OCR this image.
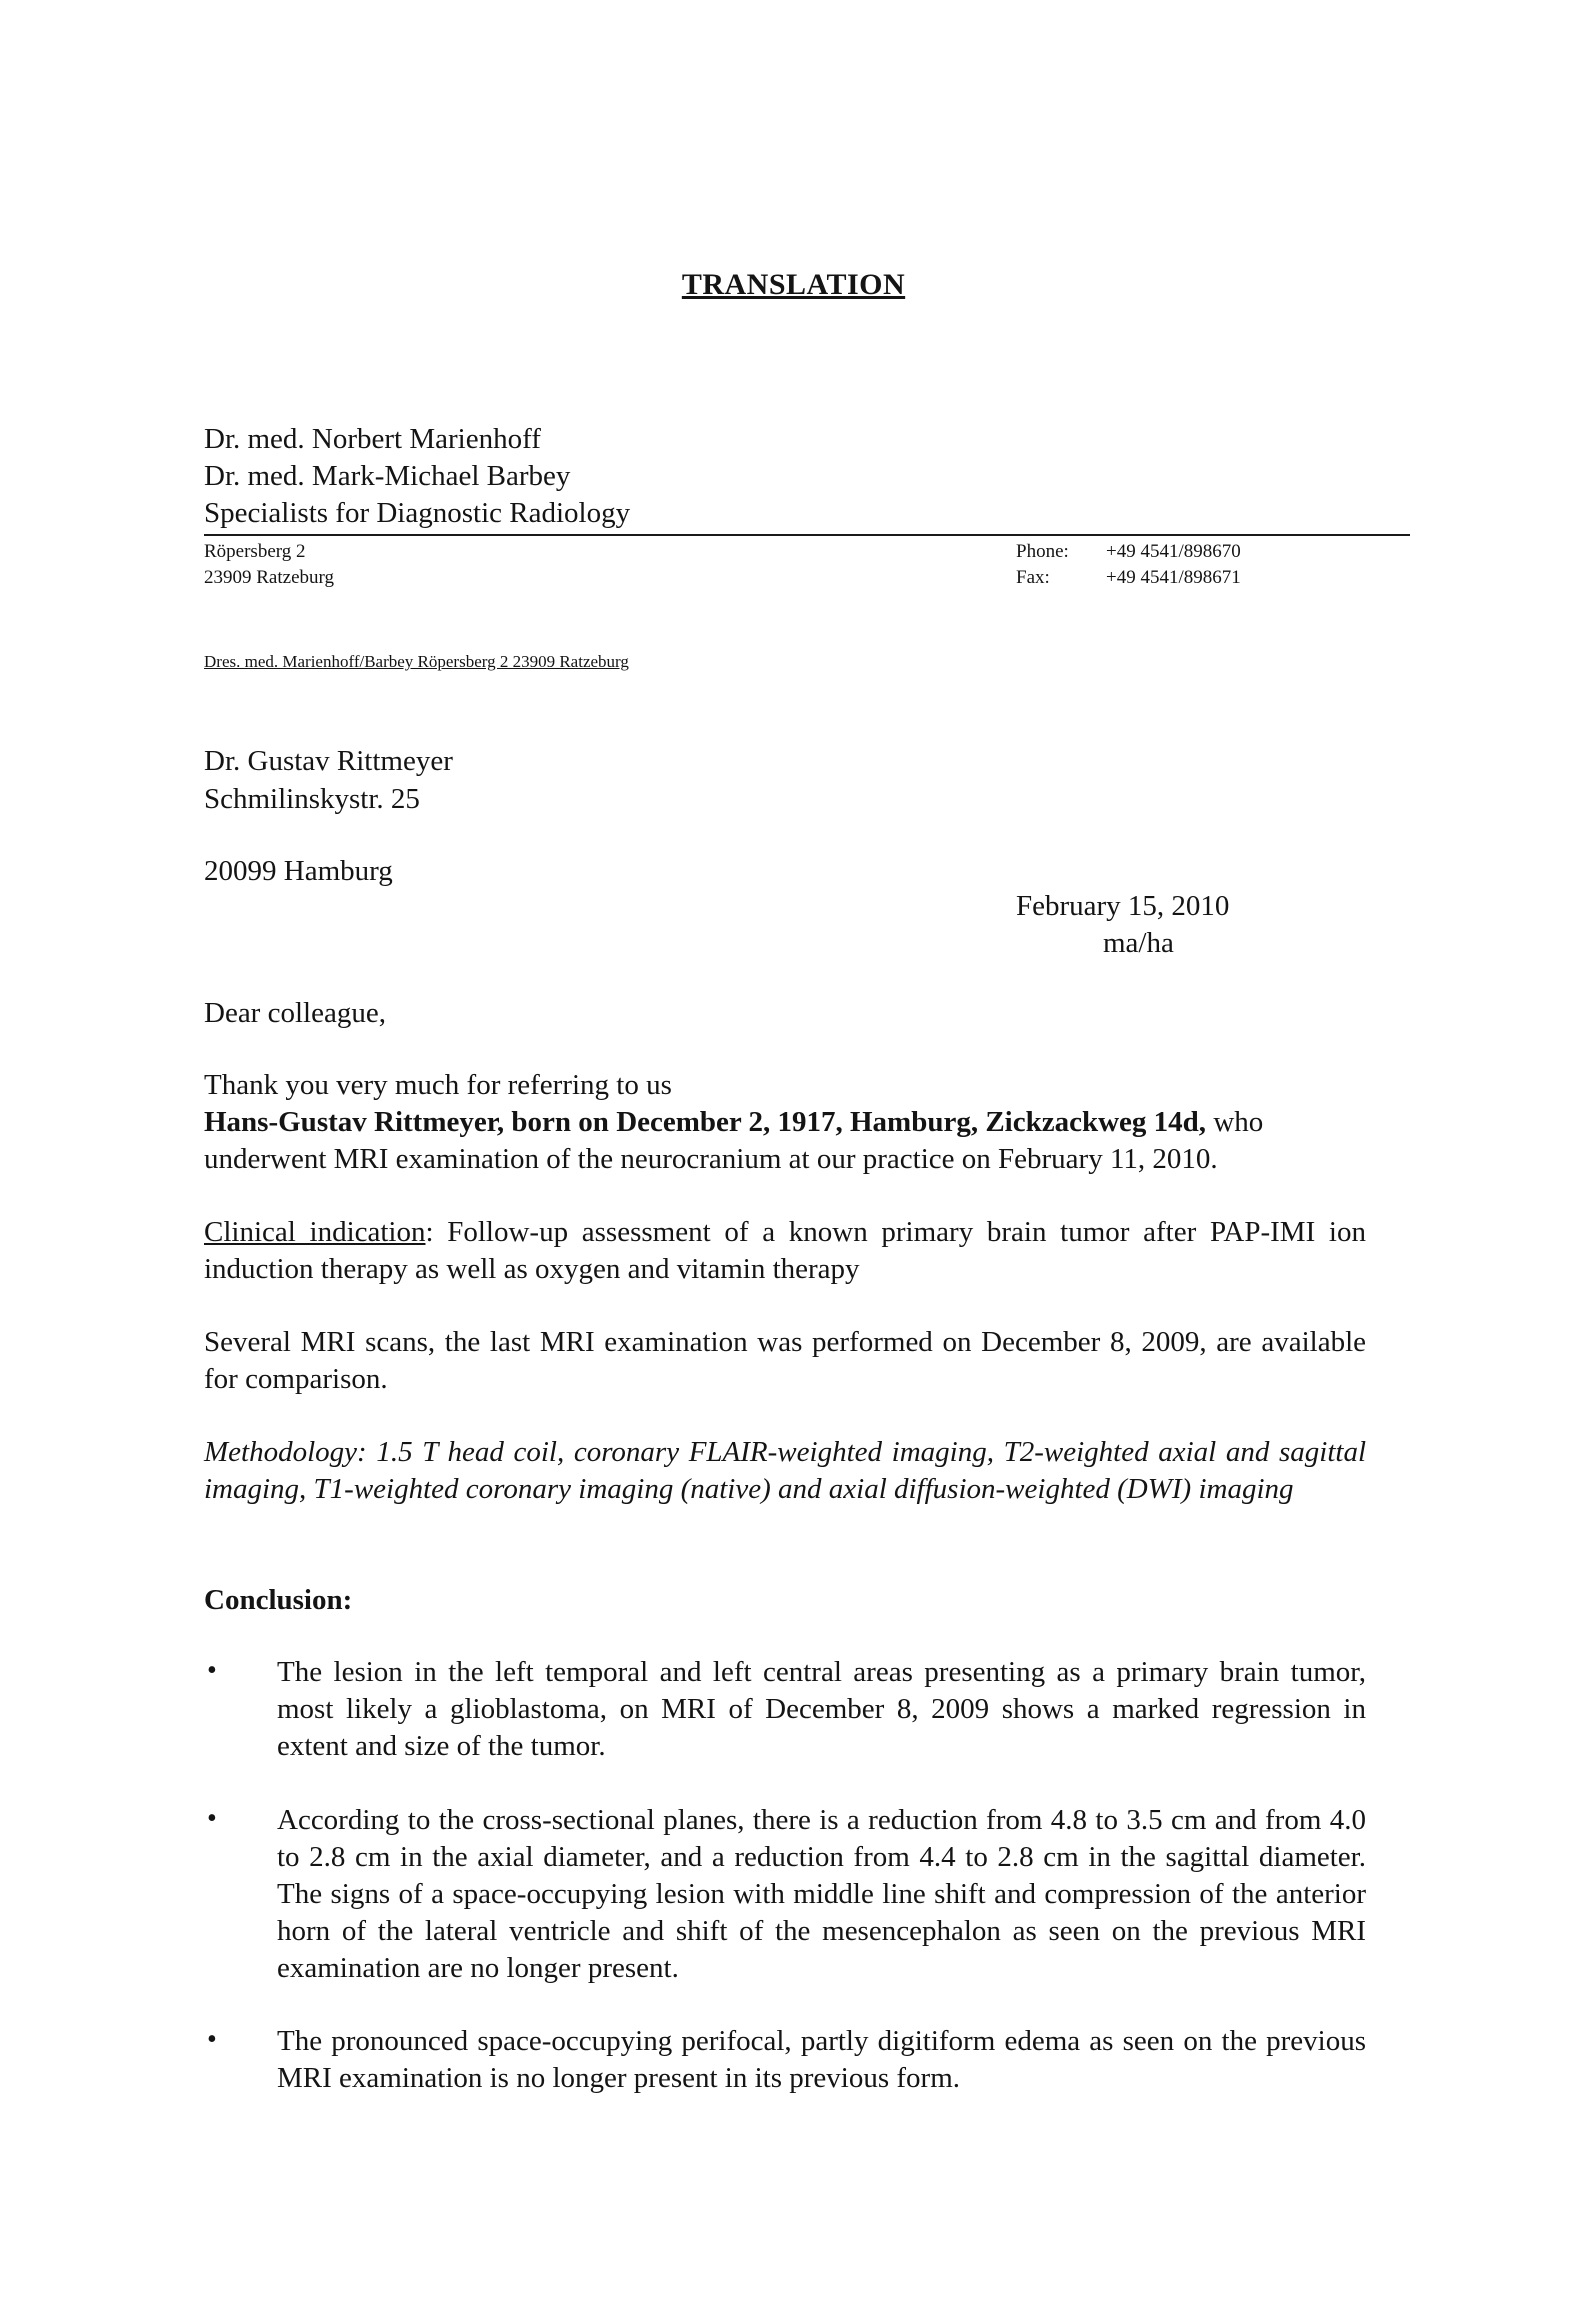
TRANSLATION
Dr. med. Norbert Marienhoff
Dr. med. Mark-Michael Barbey
Specialists for Diagnostic Radiology
Röpersberg 2
23909 Ratzeburg
Phone: +49 4541/898670
Fax:	+49 4541/898671
Dres. med. Marienhoff/Barbey Röpersberg 2 23909 Ratzeburg
Dr. Gustav Rittmeyer
Schmilinskystr. 25
20099 Hamburg
February 15, 2010
ma/ha
Dear colleague,
Thank you very much for referring to us
Hans-Gustav Rittmeyer, born on December 2, 1917, Hamburg, Zickzackweg 14d, who
underwent MRI examination of the neurocranium at our practice on February 11, 2010.
Clinical indication: Follow-up assessment of a known primary brain tumor after PAP-IMI ion induction therapy as well as oxygen and vitamin therapy
Several MRI scans, the last MRI examination was performed on December 8, 2009, are available for comparison.
Methodology: 1.5 T head coil, coronary FLAIR-weighted imaging, T2-weighted axial and sagittal imaging, T1-weighted coronary imaging (native) and axial diffusion-weighted (DWI) imaging
Conclusion:
• The lesion in the left temporal and left central areas presenting as a primary brain tumor, most likely a glioblastoma, on MRI of December 8, 2009 shows a marked regression in extent and size of the tumor.
• According to the cross-sectional planes, there is a reduction from 4.8 to 3.5 cm and from 4.0 to 2.8 cm in the axial diameter, and a reduction from 4.4 to 2.8 cm in the sagittal diameter. The signs of a space-occupying lesion with middle line shift and compression of the anterior horn of the lateral ventricle and shift of the mesencephalon as seen on the previous MRI examination are no longer present.
• The pronounced space-occupying perifocal, partly digitiform edema as seen on the previous MRI examination is no longer present in its previous form.
